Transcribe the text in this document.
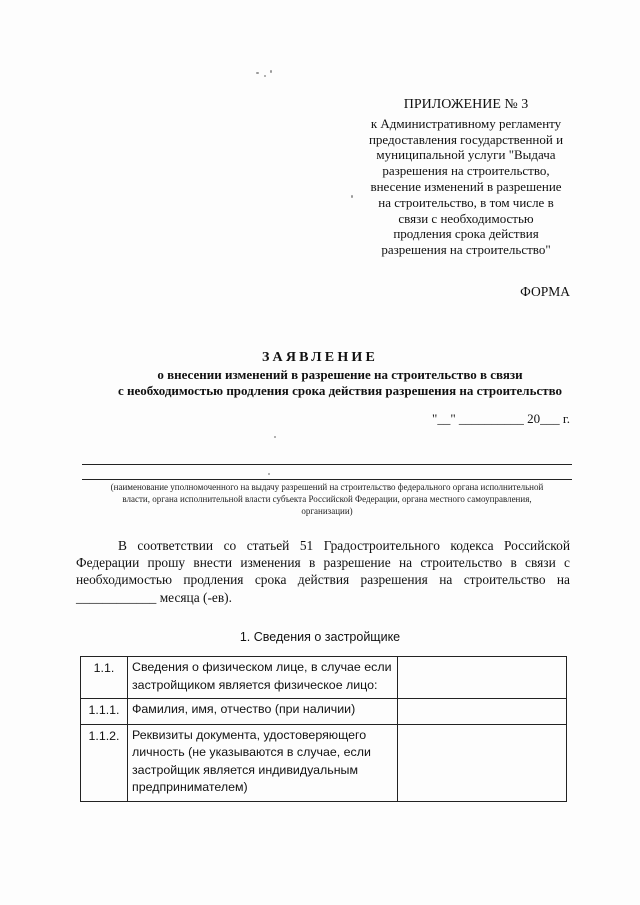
ПРИЛОЖЕНИЕ № 3
к Административному регламенту
предоставления государственной и
муниципальной услуги "Выдача
разрешения на строительство,
внесение изменений в разрешение
на строительство, в том числе в
связи с необходимостью
продления срока действия
разрешения на строительство"
ФОРМА
ЗАЯВЛЕНИЕ
о внесении изменений в разрешение на строительство в связи
с необходимостью продления срока действия разрешения на строительство
"__" __________ 20___ г.
(наименование уполномоченного на выдачу разрешений на строительство федерального органа исполнительной
власти, органа исполнительной власти субъекта Российской Федерации, органа местного самоуправления,
организации)
В соответствии со статьей 51 Градостроительного кодекса Российской Федерации прошу внести изменения в разрешение на строительство в связи с необходимостью продления срока действия разрешения на строительство на ____________ месяца (-ев).
1. Сведения о застройщике
1.1.	Сведения о физическом лице, в случае если застройщиком является физическое лицо:	
1.1.1.	Фамилия, имя, отчество (при наличии)	
1.1.2.	Реквизиты документа, удостоверяющего личность (не указываются в случае, если застройщик является индивидуальным предпринимателем)	
